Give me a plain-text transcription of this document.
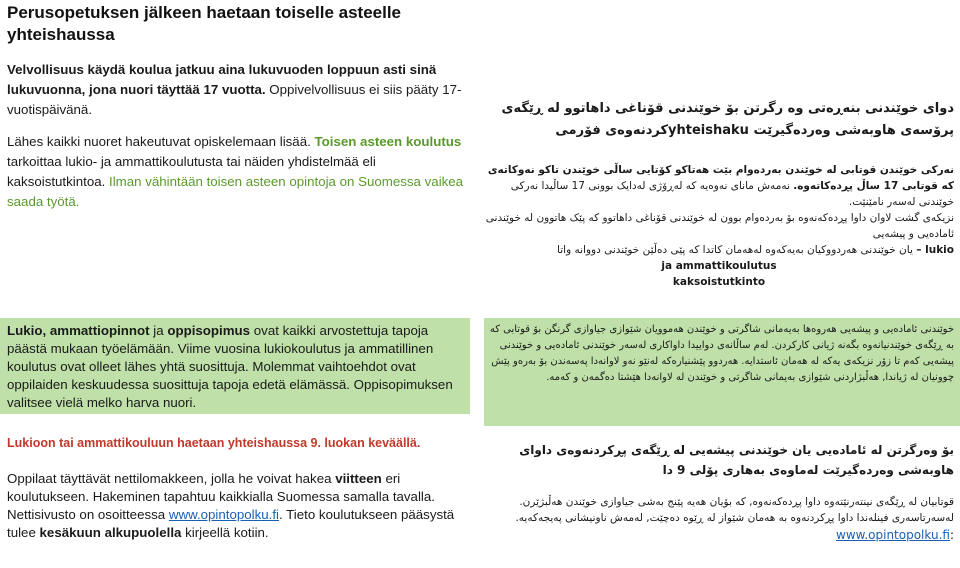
Perusopetuksen jälkeen haetaan toiselle asteelle yhteishaussa

Velvollisuus käydä koulua jatkuu aina lukuvuoden loppuun asti sinä lukuvuonna, jona nuori täyttää 17 vuotta. Oppivelvollisuus ei siis pääty 17-vuotispäivänä.

Lähes kaikki nuoret hakeutuvat opiskelemaan lisää. Toisen asteen koulutus tarkoittaa lukio- ja ammattikoulutusta tai näiden yhdistelmää eli kaksoistutkintoa. Ilman vähintään toisen asteen opintoja on Suomessa vaikea saada työtä.

Lukio, ammattiopinnot ja oppisopimus ovat kaikki arvostettuja tapoja päästä mukaan työelämään. Viime vuosina lukiokoulutus ja ammatillinen koulutus ovat olleet lähes yhtä suosittuja. Molemmat vaihtoehdot ovat oppilaiden keskuudessa suosittuja tapoja edetä elämässä. Oppisopimuksen valitsee vielä melko harva nuori.

Lukioon tai ammattikouluun haetaan yhteishaussa 9. luokan keväällä.

Oppilaat täyttävät nettilomakkeen, jolla he voivat hakea viitteen eri koulutukseen. Hakeminen tapahtuu kaikkialla Suomessa samalla tavalla. Nettisivusto on osoitteessa www.opintopolku.fi. Tieto koulutukseen pääsystä tulee kesäkuun alkupuolella kirjeellä kotiin.

دوای خوێندنی بنەڕەتی وە رگرتن بۆ خوێندنی قۆناغی داهاتوو لە ڕێگەی پرۆسەی هاوبەشی وەردەگیرێت yhteishakuکردنەوەی فۆرمی

نەرکی خوێندن قوتابی لە خوێندن بەردەوام بێت هەتاکو کۆتایی ساڵی خوێندن تاکو نەوکاتەی کە قوتابی 17 ساڵ پڕدەکاتەوە. نەمەش مانای نەوەیە کە لەڕۆژی لەدایک بوونی 17 ساڵیدا نەرکی خوێندنی لەسەر نامێنێت.

نزیکەی گشت لاوان داوا پڕدەکەنەوە بۆ بەردەوام بوون لە خوێندنی قۆناغی داهاتوو کە پێک هاتوون لە خوێندنی ئامادەیی و پیشەیی

lukio – یان خوێندنی هەردووکیان بەیەکەوە لەهەمان کاتدا کە پێی دەڵێن خوێندنی دووانە واتا

ja ammattikoulutus

kaksoistutkinto

خوێندنی ئامادەیی و پیشەیی هەروەها بەیەمانی شاگرتی و خوێندن هەموویان شێوازی جیاوازی گرنگن بۆ قوتابی کە بە ڕێگەی خوێندنیانەوە بگەنە ژیانی کارکردن. لەم ساڵانەی دواییدا داواکاری لەسەر خوێندنی ئامادەیی و خوێندنی پیشەیی کەم تا زۆر نزیکەی یەکە لە هەمان ئاستدایە. هەردوو پێشنیارەکە لەنێو نەو لاوانەدا پەسەندن بۆ بەرەو پێش چوونیان لە ژیاندا, هەڵبژاردنی شێوازی بەیمانی شاگرتی و خوێندن لە لاوانەدا هێشتا دەگمەن و کەمە.

بۆ وەرگرتن لە ئامادەیی یان خوێندنی پیشەیی لە ڕێگەی پڕکردنەوەی داوای هاوبەشی وەردەگیرێت لەماوەی بەهاری پۆلی 9 دا

قوتابیان لە ڕێگەی نینتەرنێتەوە داوا پڕدەکەنەوە, کە بۆیان هەیە پێنج بەشی جیاوازی خوێندن هەڵبژێرن. لەسەرتاسەری فینلەندا داوا پڕکردنەوە بە هەمان شێواز لە ڕێوە دەچێت, لەمەش ناونیشانی پەیجەکەیە.

www.opintopolku.fi:
